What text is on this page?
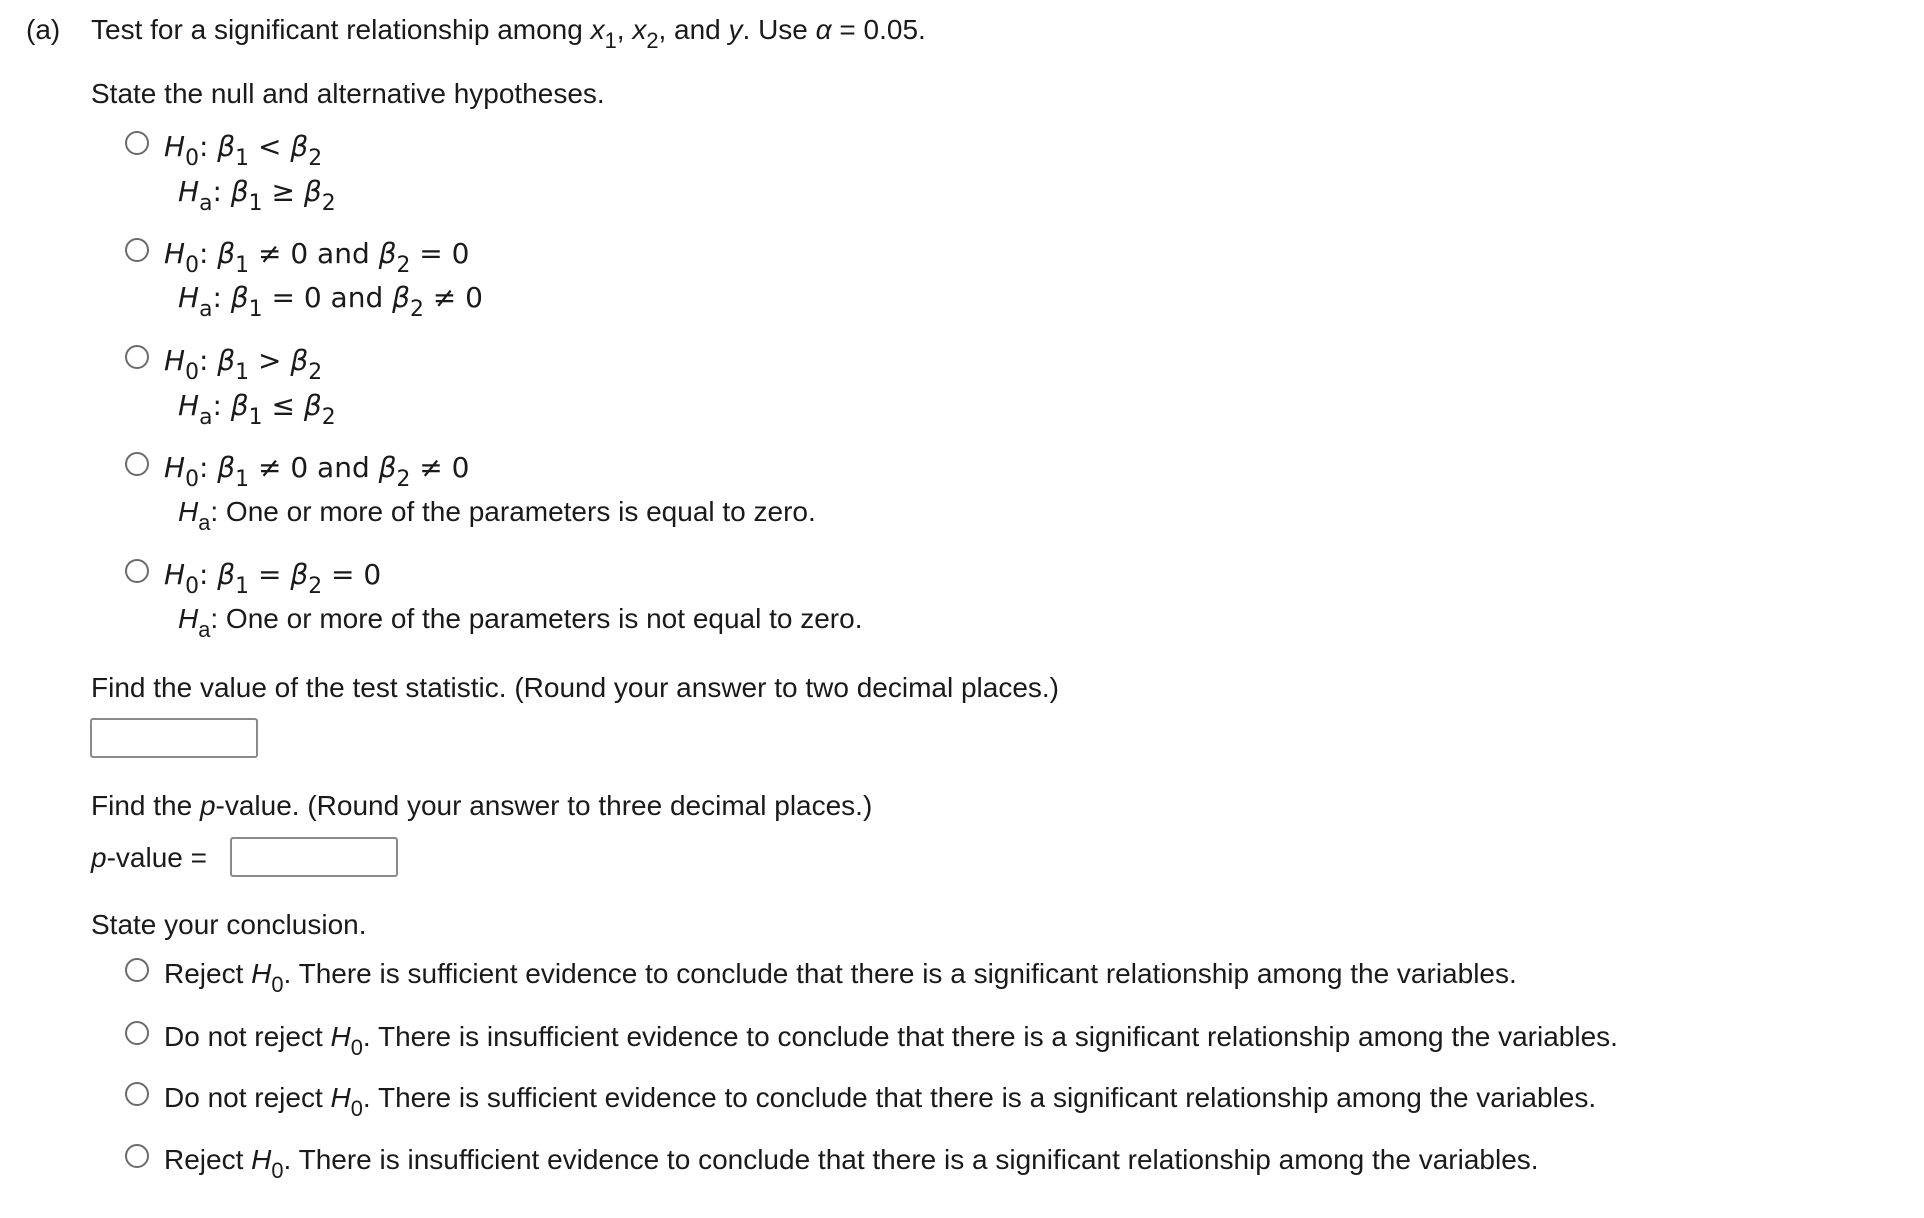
(a) Test for a significant relationship among $x_1$, $x_2$, and y. Use α = 0.05.
State the null and alternative hypotheses.
$H_0$: $\beta_1 < \beta_2$
$H_a$: $\beta_1 \ge \beta_2$
$H_0$: $\beta_1 \ne 0$ and $\beta_2 = 0$
$H_a$: $\beta_1 = 0$ and $\beta_2 \ne 0$
$H_0$: $\beta_1 > \beta_2$
$H_a$: $\beta_1 \le \beta_2$
$H_0$: $\beta_1 \ne 0$ and $\beta_2 \ne 0$
$H_a$: One or more of the parameters is equal to zero.
$H_0$: $\beta_1 = \beta_2 = 0$
$H_a$: One or more of the parameters is not equal to zero.
Find the value of the test statistic. (Round your answer to two decimal places.)
Find the p-value. (Round your answer to three decimal places.)
p-value =
State your conclusion.
Reject $H_0$. There is sufficient evidence to conclude that there is a significant relationship among the variables.
Do not reject $H_0$. There is insufficient evidence to conclude that there is a significant relationship among the variables.
Do not reject $H_0$. There is sufficient evidence to conclude that there is a significant relationship among the variables.
Reject $H_0$. There is insufficient evidence to conclude that there is a significant relationship among the variables.
